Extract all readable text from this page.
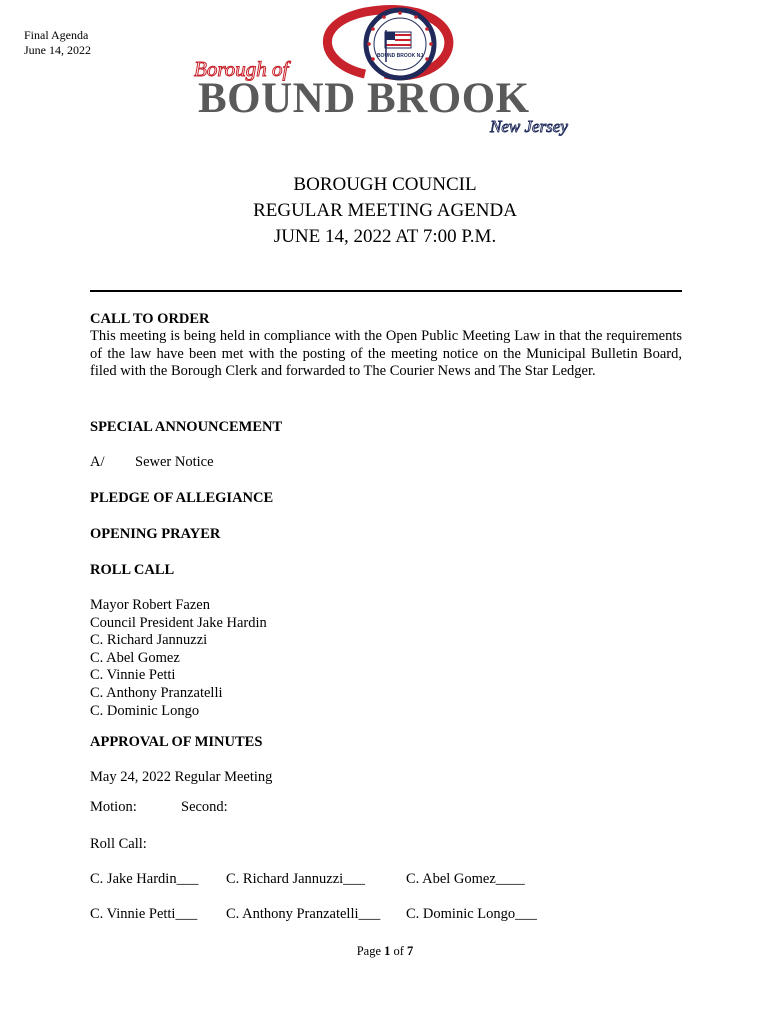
Final Agenda
June 14, 2022	BOUND BROOK NJ
Borough of
BOUND BROOK
New Jersey
BOROUGH COUNCIL
REGULAR MEETING AGENDA
JUNE 14, 2022 AT 7:00 P.M.
CALL TO ORDER
This meeting is being held in compliance with the Open Public Meeting Law in that the requirements of the law have been met with the posting of the meeting notice on the Municipal Bulletin Board, filed with the Borough Clerk and forwarded to The Courier News and The Star Ledger.
SPECIAL ANNOUNCEMENT
A/ Sewer Notice
PLEDGE OF ALLEGIANCE
OPENING PRAYER
ROLL CALL
Mayor Robert Fazen
Council President Jake Hardin
C. Richard Jannuzzi
C. Abel Gomez
C. Vinnie Petti
C. Anthony Pranzatelli
C. Dominic Longo
APPROVAL OF MINUTES
May 24, 2022 Regular Meeting
Motion:	Second:
Roll Call:
C. Jake Hardin___ C. Richard Jannuzzi___	C. Abel Gomez____
C. Vinnie Petti___ C. Anthony Pranzatelli___ C. Dominic Longo___
Page 1 of 7
